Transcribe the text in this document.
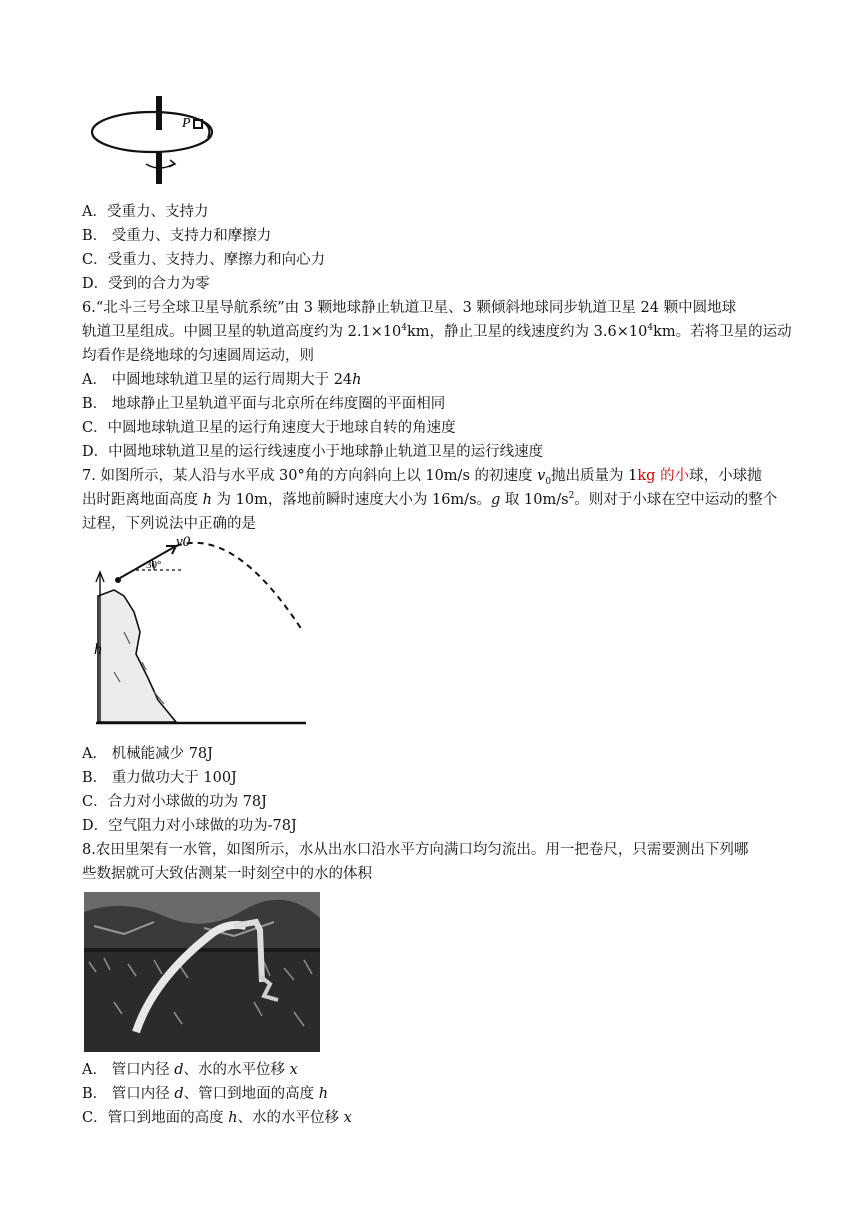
P
A．受重力、支持力
B． 受重力、支持力和摩擦力
C．受重力、支持力、摩擦力和向心力
D．受到的合力为零
6.“北斗三号全球卫星导航系统”由 3 颗地球静止轨道卫星、3 颗倾斜地球同步轨道卫星 24 颗中圆地球
轨道卫星组成。中圆卫星的轨道高度约为 $2.1\times 10^4km$，静止卫星的线速度约为 $3.6\times 10^4km$。若将卫星的运动
均看作是绕地球的匀速圆周运动，则
A． 中圆地球轨道卫星的运行周期大于 24h
B． 地球静止卫星轨道平面与北京所在纬度圈的平面相同
C．中圆地球轨道卫星的运行角速度大于地球自转的角速度
D．中圆地球轨道卫星的运行线速度小于地球静止轨道卫星的运行线速度
7. 如图所示，某人沿与水平成 30°角的方向斜向上以 10m/s 的初速度 $v_0$抛出质量为 1kg 的小球，小球抛
出时距离地面高度 h 为 10m，落地前瞬时速度大小为 16m/s。g 取 $10m/s^2$。则对于小球在空中运动的整个
过程，下列说法中正确的是
h
30°
v0
A． 机械能减少 78J
B． 重力做功大于 100J
C．合力对小球做的功为 78J
D．空气阻力对小球做的功为-78J
8.农田里架有一水管，如图所示，水从出水口沿水平方向满口均匀流出。用一把卷尺，只需要测出下列哪
些数据就可大致估测某一时刻空中的水的体积
A． 管口内径 d、水的水平位移 x
B． 管口内径 d、管口到地面的高度 h
C．管口到地面的高度 h、水的水平位移 x
